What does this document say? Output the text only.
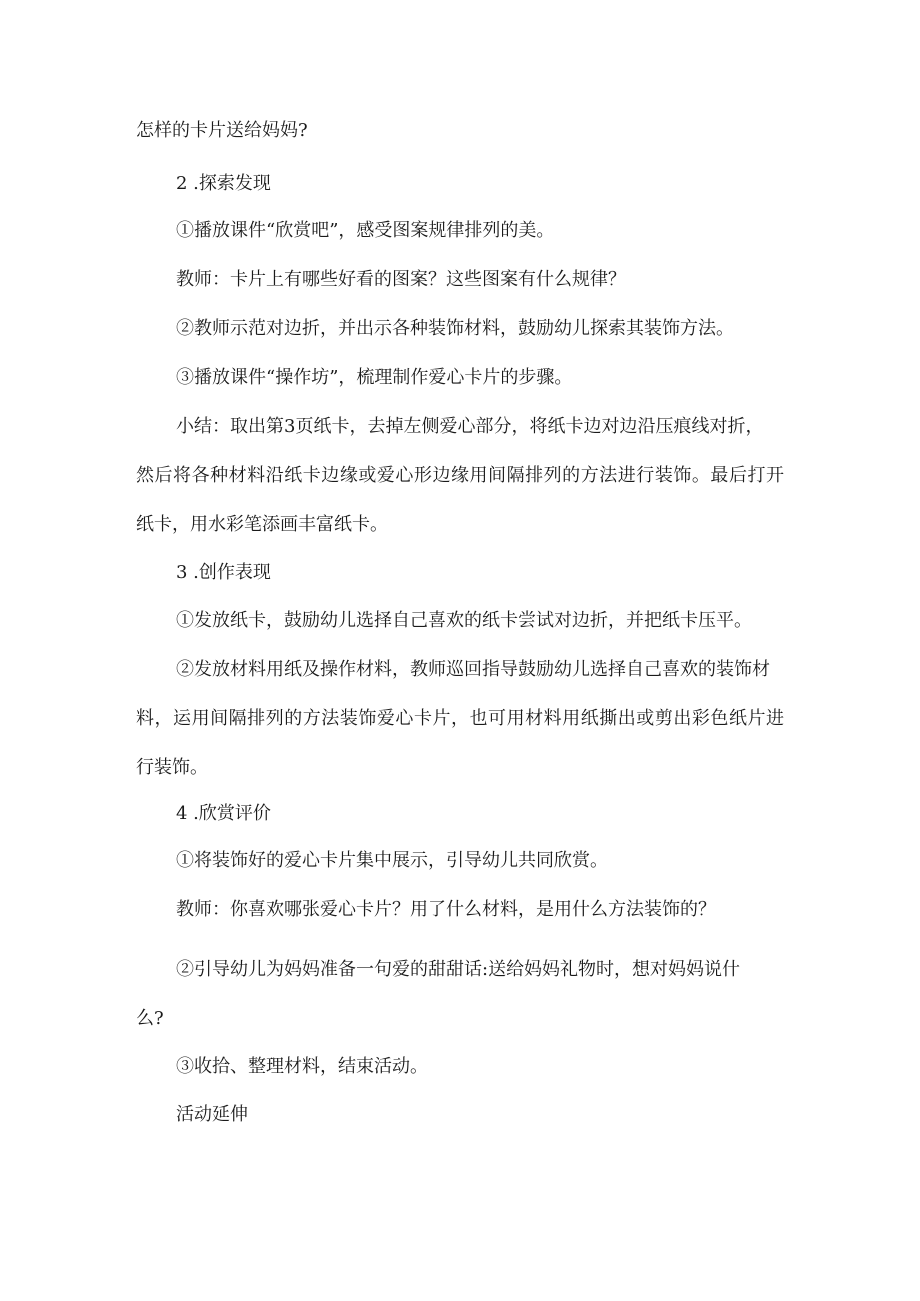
怎样的卡片送给妈妈?

2 .探索发现

①播放课件“欣赏吧”，感受图案规律排列的美。

教师：卡片上有哪些好看的图案？这些图案有什么规律？

②教师示范对边折，并出示各种装饰材料，鼓励幼儿探索其装饰方法。

③播放课件“操作坊”，梳理制作爱心卡片的步骤。

小结：取出第3页纸卡，去掉左侧爱心部分，将纸卡边对边沿压痕线对折，

然后将各种材料沿纸卡边缘或爱心形边缘用间隔排列的方法进行装饰。最后打开

纸卡，用水彩笔添画丰富纸卡。

3 .创作表现

①发放纸卡，鼓励幼儿选择自己喜欢的纸卡尝试对边折，并把纸卡压平。

②发放材料用纸及操作材料，教师巡回指导鼓励幼儿选择自己喜欢的装饰材

料，运用间隔排列的方法装饰爱心卡片，也可用材料用纸撕出或剪出彩色纸片进

行装饰。

4 .欣赏评价

①将装饰好的爱心卡片集中展示，引导幼儿共同欣赏。

教师：你喜欢哪张爱心卡片？用了什么材料，是用什么方法装饰的？

②引导幼儿为妈妈准备一句爱的甜甜话:送给妈妈礼物时，想对妈妈说什

么?

③收拾、整理材料，结束活动。

活动延伸
